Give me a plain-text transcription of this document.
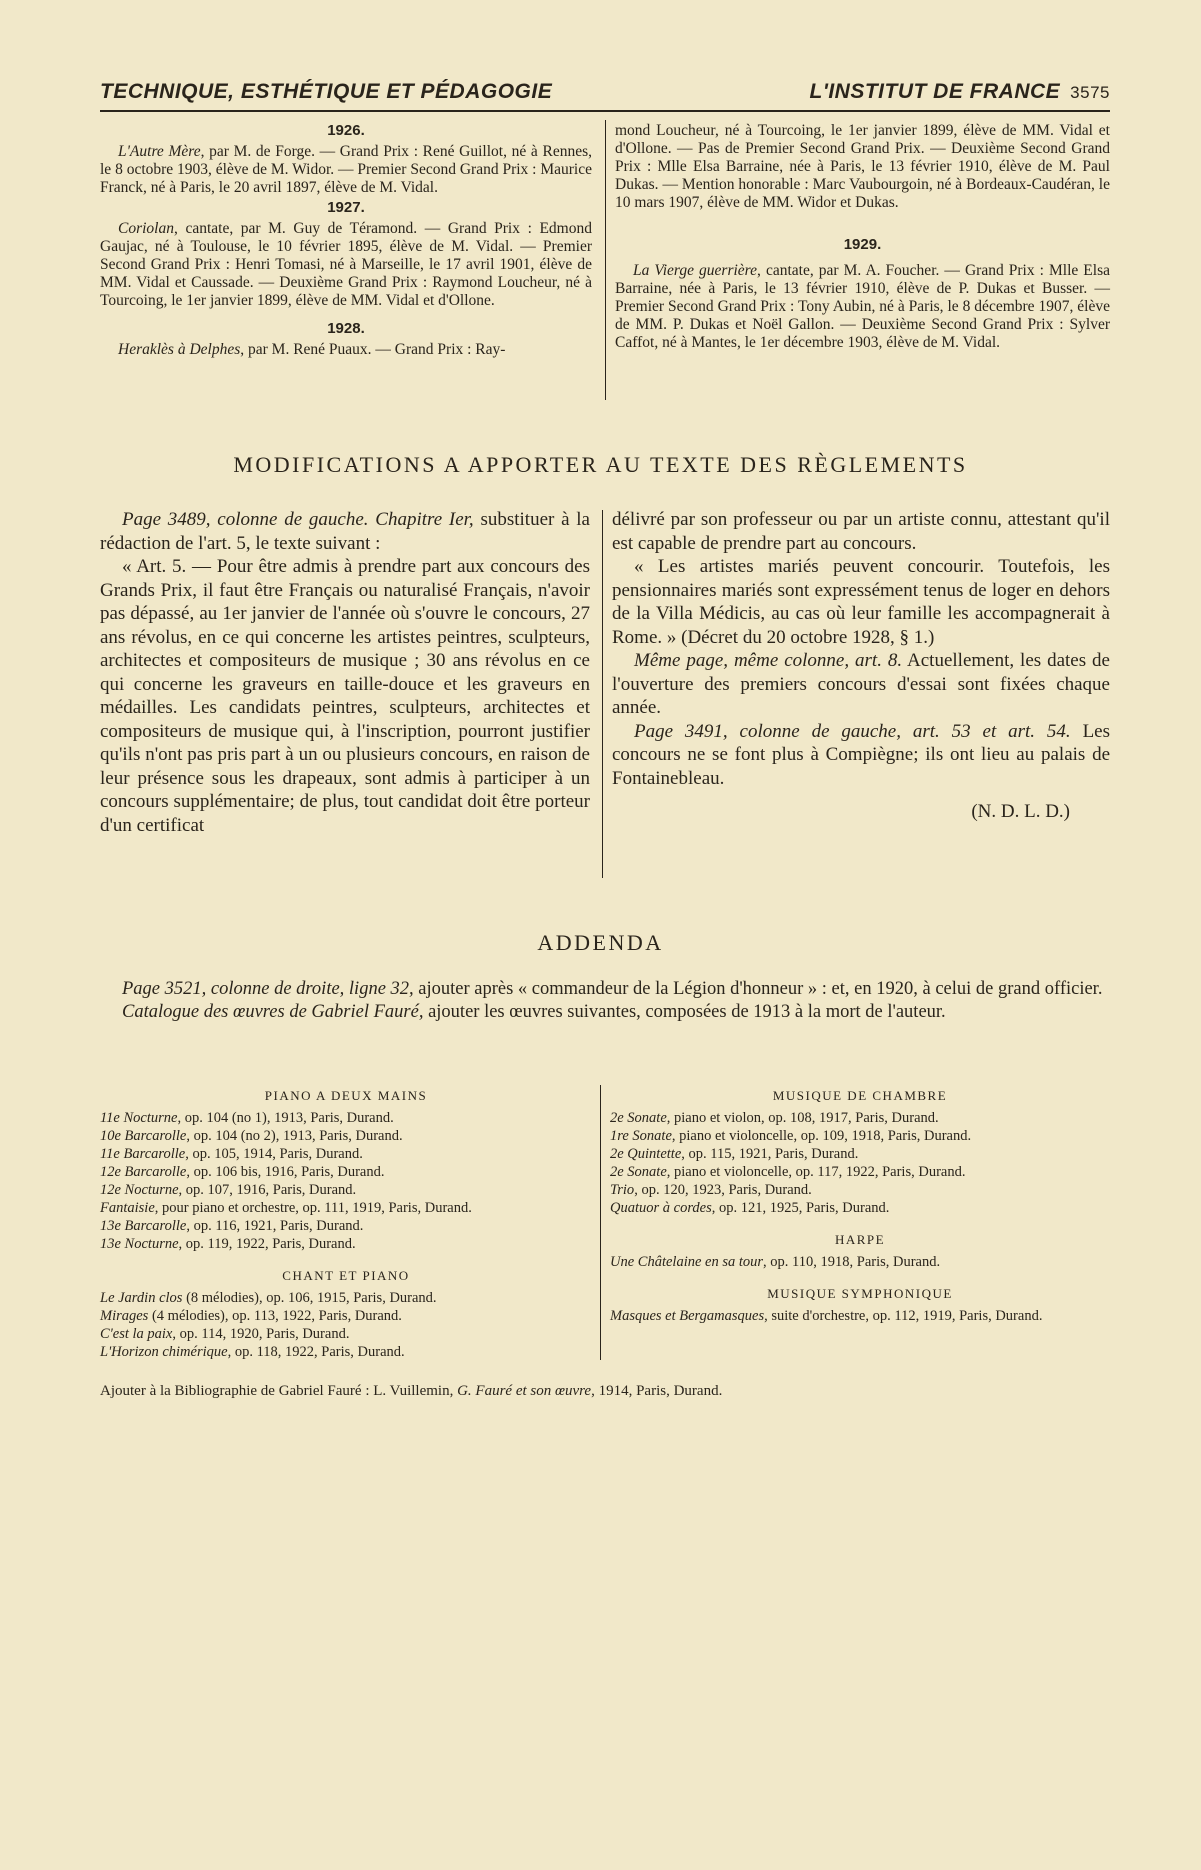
TECHNIQUE, ESTHÉTIQUE ET PÉDAGOGIE	L'INSTITUT DE FRANCE 3575
1926.

L'Autre Mère, par M. de Forge. — Grand Prix : René Guillot, né à Rennes, le 8 octobre 1903, élève de M. Widor. — Premier Second Grand Prix : Maurice Franck, né à Paris, le 20 avril 1897, élève de M. Vidal.

1927.

Coriolan, cantate, par M. Guy de Téramond. — Grand Prix : Edmond Gaujac, né à Toulouse, le 10 février 1895, élève de M. Vidal. — Premier Second Grand Prix : Henri Tomasi, né à Marseille, le 17 avril 1901, élève de MM. Vidal et Caussade. — Deuxième Grand Prix : Raymond Loucheur, né à Tourcoing, le 1er janvier 1899, élève de MM. Vidal et d'Ollone.

1928.

Heraklès à Delphes, par M. René Puaux. — Grand Prix : Ray-

mond Loucheur, né à Tourcoing, le 1er janvier 1899, élève de MM. Vidal et d'Ollone. — Pas de Premier Second Grand Prix. — Deuxième Second Grand Prix : Mlle Elsa Barraine, née à Paris, le 13 février 1910, élève de M. Paul Dukas. — Mention honorable : Marc Vaubourgoin, né à Bordeaux-Caudéran, le 10 mars 1907, élève de MM. Widor et Dukas.

1929.

La Vierge guerrière, cantate, par M. A. Foucher. — Grand Prix : Mlle Elsa Barraine, née à Paris, le 13 février 1910, élève de P. Dukas et Busser. — Premier Second Grand Prix : Tony Aubin, né à Paris, le 8 décembre 1907, élève de MM. P. Dukas et Noël Gallon. — Deuxième Second Grand Prix : Sylver Caffot, né à Mantes, le 1er décembre 1903, élève de M. Vidal.

MODIFICATIONS A APPORTER AU TEXTE DES RÈGLEMENTS

Page 3489, colonne de gauche. Chapitre Ier, substituer à la rédaction de l'art. 5, le texte suivant :

« Art. 5. — Pour être admis à prendre part aux concours des Grands Prix, il faut être Français ou naturalisé Français, n'avoir pas dépassé, au 1er janvier de l'année où s'ouvre le concours, 27 ans révolus, en ce qui concerne les artistes peintres, sculpteurs, architectes et compositeurs de musique ; 30 ans révolus en ce qui concerne les graveurs en taille-douce et les graveurs en médailles. Les candidats peintres, sculpteurs, architectes et compositeurs de musique qui, à l'inscription, pourront justifier qu'ils n'ont pas pris part à un ou plusieurs concours, en raison de leur présence sous les drapeaux, sont admis à participer à un concours supplémentaire; de plus, tout candidat doit être porteur d'un certificat

délivré par son professeur ou par un artiste connu, attestant qu'il est capable de prendre part au concours.

« Les artistes mariés peuvent concourir. Toutefois, les pensionnaires mariés sont expressément tenus de loger en dehors de la Villa Médicis, au cas où leur famille les accompagnerait à Rome. » (Décret du 20 octobre 1928, § 1.)

Même page, même colonne, art. 8. Actuellement, les dates de l'ouverture des premiers concours d'essai sont fixées chaque année.

Page 3491, colonne de gauche, art. 53 et art. 54. Les concours ne se font plus à Compiègne; ils ont lieu au palais de Fontainebleau.

(N. D. L. D.)
ADDENDA

Page 3521, colonne de droite, ligne 32, ajouter après « commandeur de la Légion d'honneur » : et, en 1920, à celui de grand officier.

Catalogue des œuvres de Gabriel Fauré, ajouter les œuvres suivantes, composées de 1913 à la mort de l'auteur.

PIANO A DEUX MAINS
11e Nocturne, op. 104 (no 1), 1913, Paris, Durand.
10e Barcarolle, op. 104 (no 2), 1913, Paris, Durand.
11e Barcarolle, op. 105, 1914, Paris, Durand.
12e Barcarolle, op. 106 bis, 1916, Paris, Durand.
12e Nocturne, op. 107, 1916, Paris, Durand.
Fantaisie, pour piano et orchestre, op. 111, 1919, Paris, Durand.
13e Barcarolle, op. 116, 1921, Paris, Durand.
13e Nocturne, op. 119, 1922, Paris, Durand.
CHANT ET PIANO
Le Jardin clos (8 mélodies), op. 106, 1915, Paris, Durand.
Mirages (4 mélodies), op. 113, 1922, Paris, Durand.
C'est la paix, op. 114, 1920, Paris, Durand.
L'Horizon chimérique, op. 118, 1922, Paris, Durand.
MUSIQUE DE CHAMBRE
2e Sonate, piano et violon, op. 108, 1917, Paris, Durand.
1re Sonate, piano et violoncelle, op. 109, 1918, Paris, Durand.
2e Quintette, op. 115, 1921, Paris, Durand.
2e Sonate, piano et violoncelle, op. 117, 1922, Paris, Durand.
Trio, op. 120, 1923, Paris, Durand.
Quatuor à cordes, op. 121, 1925, Paris, Durand.
HARPE
Une Châtelaine en sa tour, op. 110, 1918, Paris, Durand.
MUSIQUE SYMPHONIQUE
Masques et Bergamasques, suite d'orchestre, op. 112, 1919, Paris, Durand.
Ajouter à la Bibliographie de Gabriel Fauré : L. Vuillemin, G. Fauré et son œuvre, 1914, Paris, Durand.
